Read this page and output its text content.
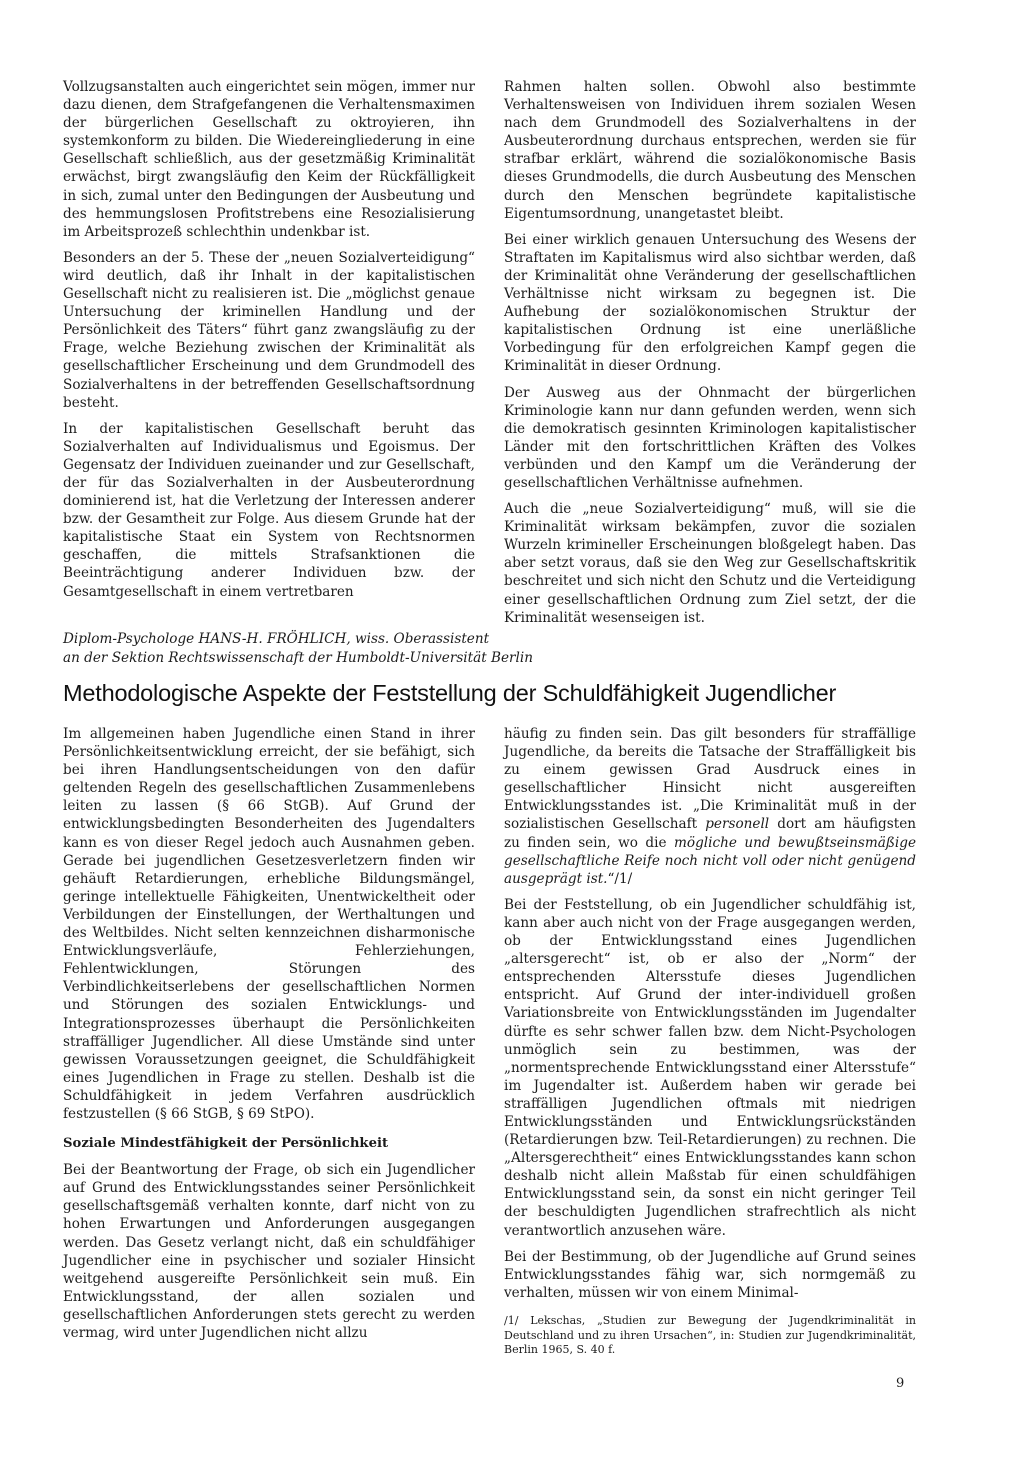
Vollzugsanstalten auch eingerichtet sein mögen, immer nur dazu dienen, dem Strafgefangenen die Verhaltensmaximen der bürgerlichen Gesellschaft zu oktroyieren, ihn systemkonform zu bilden. Die Wiedereingliederung in eine Gesellschaft schließlich, aus der gesetzmäßig Kriminalität erwächst, birgt zwangsläufig den Keim der Rückfälligkeit in sich, zumal unter den Bedingungen der Ausbeutung und des hemmungslosen Profitstrebens eine Resozialisierung im Arbeitsprozeß schlechthin undenkbar ist.

Besonders an der 5. These der „neuen Sozialverteidigung“ wird deutlich, daß ihr Inhalt in der kapitalistischen Gesellschaft nicht zu realisieren ist. Die „möglichst genaue Untersuchung der kriminellen Handlung und der Persönlichkeit des Täters“ führt ganz zwangsläufig zu der Frage, welche Beziehung zwischen der Kriminalität als gesellschaftlicher Erscheinung und dem Grundmodell des Sozialverhaltens in der betreffenden Gesellschaftsordnung besteht.

In der kapitalistischen Gesellschaft beruht das Sozialverhalten auf Individualismus und Egoismus. Der Gegensatz der Individuen zueinander und zur Gesellschaft, der für das Sozialverhalten in der Ausbeuterordnung dominierend ist, hat die Verletzung der Interessen anderer bzw. der Gesamtheit zur Folge. Aus diesem Grunde hat der kapitalistische Staat ein System von Rechtsnormen geschaffen, die mittels Strafsanktionen die Beeinträchtigung anderer Individuen bzw. der Gesamtgesellschaft in einem vertretbaren

Rahmen halten sollen. Obwohl also bestimmte Verhaltensweisen von Individuen ihrem sozialen Wesen nach dem Grundmodell des Sozialverhaltens in der Ausbeuterordnung durchaus entsprechen, werden sie für strafbar erklärt, während die sozialökonomische Basis dieses Grundmodells, die durch Ausbeutung des Menschen durch den Menschen begründete kapitalistische Eigentumsordnung, unangetastet bleibt.

Bei einer wirklich genauen Untersuchung des Wesens der Straftaten im Kapitalismus wird also sichtbar werden, daß der Kriminalität ohne Veränderung der gesellschaftlichen Verhältnisse nicht wirksam zu begegnen ist. Die Aufhebung der sozialökonomischen Struktur der kapitalistischen Ordnung ist eine unerläßliche Vorbedingung für den erfolgreichen Kampf gegen die Kriminalität in dieser Ordnung.

Der Ausweg aus der Ohnmacht der bürgerlichen Kriminologie kann nur dann gefunden werden, wenn sich die demokratisch gesinnten Kriminologen kapitalistischer Länder mit den fortschrittlichen Kräften des Volkes verbünden und den Kampf um die Veränderung der gesellschaftlichen Verhältnisse aufnehmen.

Auch die „neue Sozialverteidigung“ muß, will sie die Kriminalität wirksam bekämpfen, zuvor die sozialen Wurzeln krimineller Erscheinungen bloßgelegt haben. Das aber setzt voraus, daß sie den Weg zur Gesellschaftskritik beschreitet und sich nicht den Schutz und die Verteidigung einer gesellschaftlichen Ordnung zum Ziel setzt, der die Kriminalität wesenseigen ist.

Diplom-Psychologe HANS-H. FRÖHLICH, wiss. Oberassistent
an der Sektion Rechtswissenschaft der Humboldt-Universität Berlin
Methodologische Aspekte der Feststellung der Schuldfähigkeit Jugendlicher

Im allgemeinen haben Jugendliche einen Stand in ihrer Persönlichkeitsentwicklung erreicht, der sie befähigt, sich bei ihren Handlungsentscheidungen von den dafür geltenden Regeln des gesellschaftlichen Zusammenlebens leiten zu lassen (§ 66 StGB). Auf Grund der entwicklungsbedingten Besonderheiten des Jugendalters kann es von dieser Regel jedoch auch Ausnahmen geben. Gerade bei jugendlichen Gesetzesverletzern finden wir gehäuft Retardierungen, erhebliche Bildungsmängel, geringe intellektuelle Fähigkeiten, Unentwickeltheit oder Verbildungen der Einstellungen, der Werthaltungen und des Weltbildes. Nicht selten kennzeichnen disharmonische Entwicklungsverläufe, Fehlerziehungen, Fehlentwicklungen, Störungen des Verbindlichkeitserlebens der gesellschaftlichen Normen und Störungen des sozialen Entwicklungs- und Integrationsprozesses überhaupt die Persönlichkeiten straffälliger Jugendlicher. All diese Umstände sind unter gewissen Voraussetzungen geeignet, die Schuldfähigkeit eines Jugendlichen in Frage zu stellen. Deshalb ist die Schuldfähigkeit in jedem Verfahren ausdrücklich festzustellen (§ 66 StGB, § 69 StPO).

Soziale Mindestfähigkeit der Persönlichkeit

Bei der Beantwortung der Frage, ob sich ein Jugendlicher auf Grund des Entwicklungsstandes seiner Persönlichkeit gesellschaftsgemäß verhalten konnte, darf nicht von zu hohen Erwartungen und Anforderungen ausgegangen werden. Das Gesetz verlangt nicht, daß ein schuldfähiger Jugendlicher eine in psychischer und sozialer Hinsicht weitgehend ausgereifte Persönlichkeit sein muß. Ein Entwicklungsstand, der allen sozialen und gesellschaftlichen Anforderungen stets gerecht zu werden vermag, wird unter Jugendlichen nicht allzu

häufig zu finden sein. Das gilt besonders für straffällige Jugendliche, da bereits die Tatsache der Straffälligkeit bis zu einem gewissen Grad Ausdruck eines in gesellschaftlicher Hinsicht nicht ausgereiften Entwicklungsstandes ist. „Die Kriminalität muß in der sozialistischen Gesellschaft personell dort am häufigsten zu finden sein, wo die mögliche und bewußtseinsmäßige gesellschaftliche Reife noch nicht voll oder nicht genügend ausgeprägt ist.“/1/

Bei der Feststellung, ob ein Jugendlicher schuldfähig ist, kann aber auch nicht von der Frage ausgegangen werden, ob der Entwicklungsstand eines Jugendlichen „altersgerecht“ ist, ob er also der „Norm“ der entsprechenden Altersstufe dieses Jugendlichen entspricht. Auf Grund der inter-individuell großen Variationsbreite von Entwicklungsständen im Jugendalter dürfte es sehr schwer fallen bzw. dem Nicht-Psychologen unmöglich sein zu bestimmen, was der „normentsprechende Entwicklungsstand einer Altersstufe“ im Jugendalter ist. Außerdem haben wir gerade bei straffälligen Jugendlichen oftmals mit niedrigen Entwicklungsständen und Entwicklungsrückständen (Retardierungen bzw. Teil-Retardierungen) zu rechnen. Die „Altersgerechtheit“ eines Entwicklungsstandes kann schon deshalb nicht allein Maßstab für einen schuldfähigen Entwicklungsstand sein, da sonst ein nicht geringer Teil der beschuldigten Jugendlichen strafrechtlich als nicht verantwortlich anzusehen wäre.

Bei der Bestimmung, ob der Jugendliche auf Grund seines Entwicklungsstandes fähig war, sich normgemäß zu verhalten, müssen wir von einem Minimal-

/1/ Lekschas, „Studien zur Bewegung der Jugendkriminalität in Deutschland und zu ihren Ursachen“, in: Studien zur Jugendkriminalität, Berlin 1965, S. 40 f.

9
